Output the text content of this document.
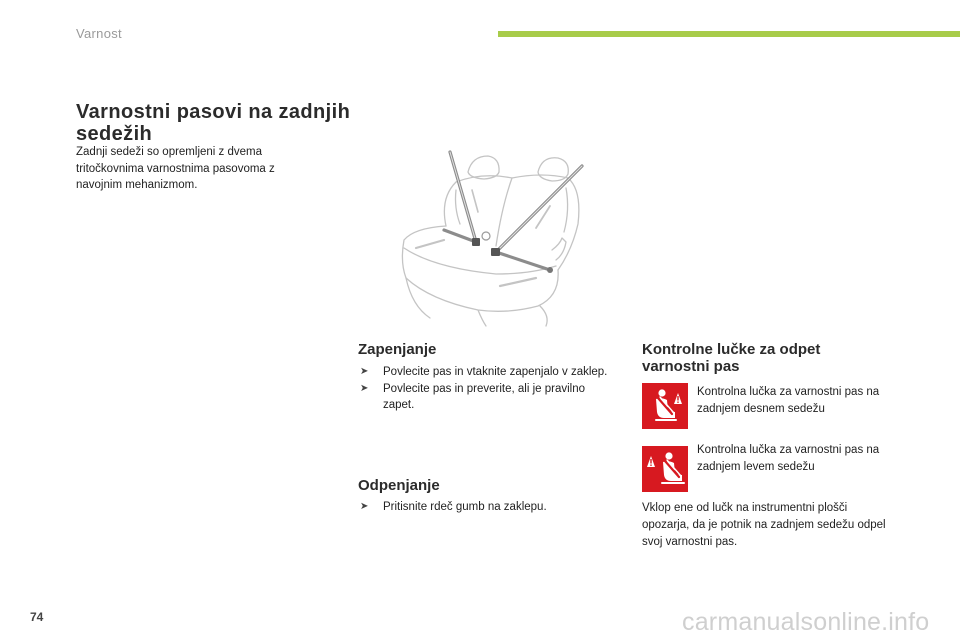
Varnost
Varnostni pasovi na zadnjih sedežih
Zadnji sedeži so opremljeni z dvema tritočkovnima varnostnima pasovoma z navojnim mehanizmom.
Zapenjanje
➤ Povlecite pas in vtaknite zapenjalo v zaklep.
➤ Povlecite pas in preverite, ali je pravilno zapet.
Odpenjanje
➤ Pritisnite rdeč gumb na zaklepu.
Kontrolne lučke za odpet varnostni pas
Kontrolna lučka za varnostni pas na zadnjem desnem sedežu
Kontrolna lučka za varnostni pas na zadnjem levem sedežu
Vklop ene od lučk na instrumentni plošči opozarja, da je potnik na zadnjem sedežu odpel svoj varnostni pas.
74	carmanualsonline.info
